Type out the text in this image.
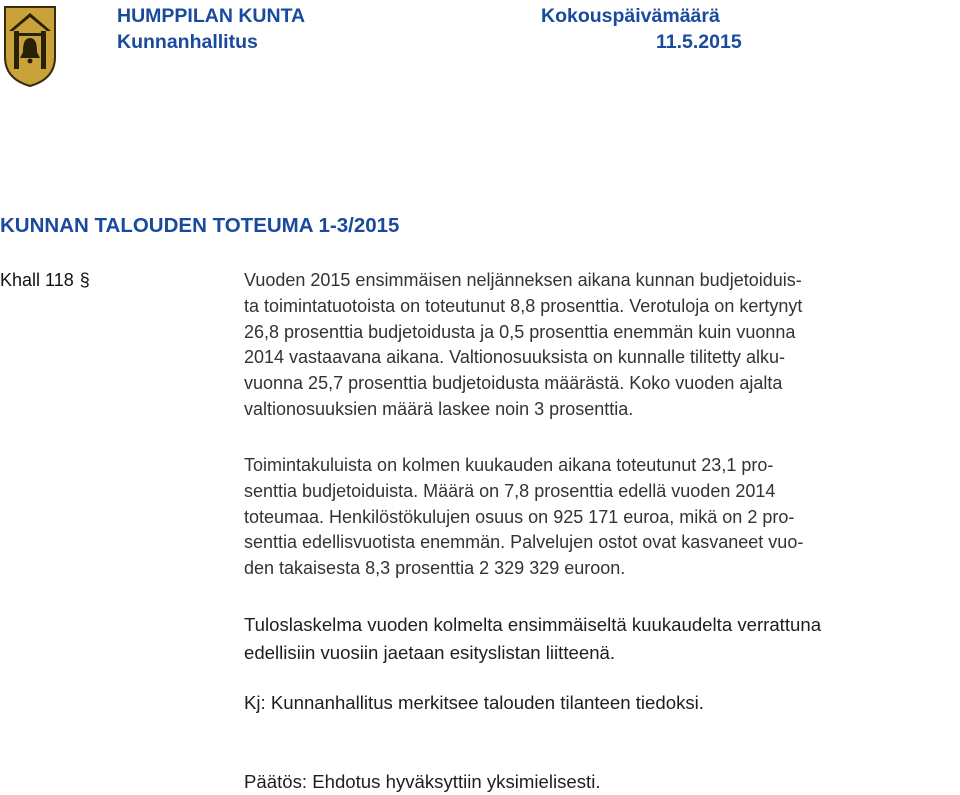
HUMPPILAN KUNTA
Kunnanhallitus
Kokouspäivämäärä
11.5.2015
KUNNAN TALOUDEN TOTEUMA 1-3/2015
Khall 118 §	Vuoden 2015 ensimmäisen neljänneksen aikana kunnan budjetoiduis-
ta toimintatuotoista on toteutunut 8,8 prosenttia. Verotuloja on kertynyt
26,8 prosenttia budjetoidusta ja 0,5 prosenttia enemmän kuin vuonna
2014 vastaavana aikana. Valtionosuuksista on kunnalle tilitetty alku-
vuonna 25,7 prosenttia budjetoidusta määrästä. Koko vuoden ajalta
valtionosuuksien määrä laskee noin 3 prosenttia.

Toimintakuluista on kolmen kuukauden aikana toteutunut 23,1 pro-
senttia budjetoiduista. Määrä on 7,8 prosenttia edellä vuoden 2014
toteumaa. Henkilöstökulujen osuus on 925 171 euroa, mikä on 2 pro-
senttia edellisvuotista enemmän. Palvelujen ostot ovat kasvaneet vuo-
den takaisesta 8,3 prosenttia 2 329 329 euroon.

Tuloslaskelma vuoden kolmelta ensimmäiseltä kuukaudelta verrattuna
edellisiin vuosiin jaetaan esityslistan liitteenä.

Kj: Kunnanhallitus merkitsee talouden tilanteen tiedoksi.

Päätös: Ehdotus hyväksyttiin yksimielisesti.
